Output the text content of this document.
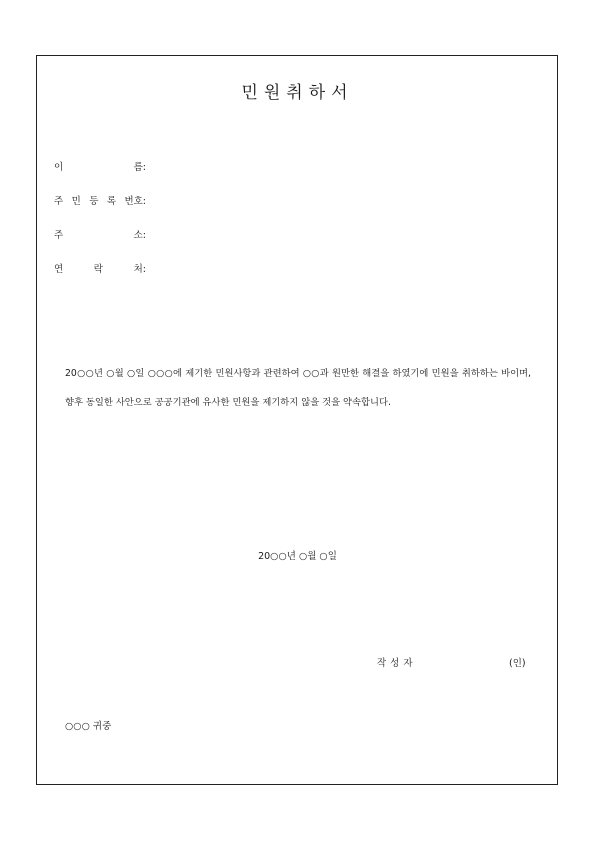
민원취하서
이	름:
주 민 등 록 번호:
주	소:
연	락	처:
20○○년 ○월 ○일 ○○○에 제기한 민원사항과 관련하여 ○○과 원만한 해결을 하였기에 민원을 취하하는 바이며, 향후 동일한 사안으로 공공기관에 유사한 민원을 제기하지 않을 것을 약속합니다.
20○○년 ○월 ○일
작성자	(인)
○○○ 귀중
